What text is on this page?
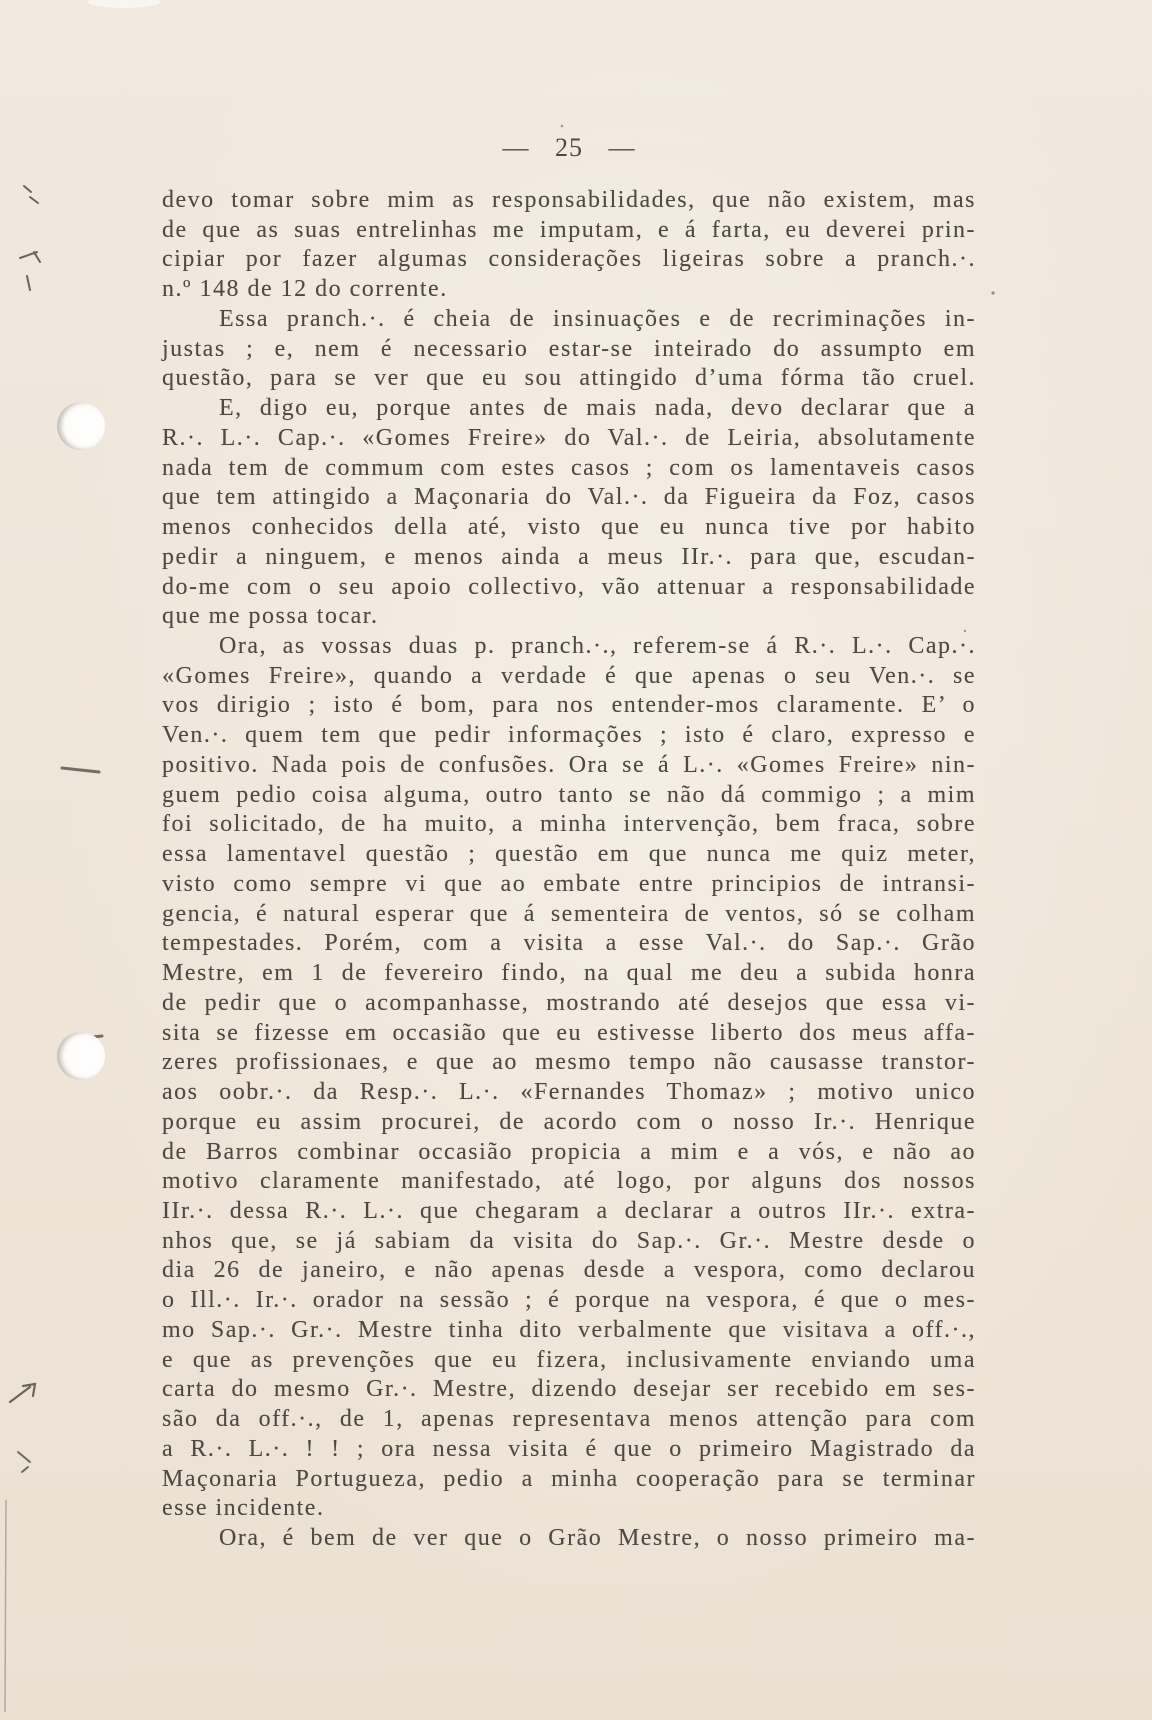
— 25 —
devo tomar sobre mim as responsabilidades, que não existem, mas
de que as suas entrelinhas me imputam, e á farta, eu deverei prin-
cipiar por fazer algumas considerações ligeiras sobre a pranch.·.
n.º 148 de 12 do corrente.
Essa pranch.·. é cheia de insinuações e de recriminações in-
justas ; e, nem é necessario estar-se inteirado do assumpto em
questão, para se ver que eu sou attingido d’uma fórma tão cruel.
E, digo eu, porque antes de mais nada, devo declarar que a
R.·. L.·. Cap.·. «Gomes Freire» do Val.·. de Leiria, absolutamente
nada tem de commum com estes casos ; com os lamentaveis casos
que tem attingido a Maçonaria do Val.·. da Figueira da Foz, casos
menos conhecidos della até, visto que eu nunca tive por habito
pedir a ninguem, e menos ainda a meus IIr.·. para que, escudan-
do-me com o seu apoio collectivo, vão attenuar a responsabilidade
que me possa tocar.
Ora, as vossas duas p. pranch.·., referem-se á R.·. L.·. Cap.·.
«Gomes Freire», quando a verdade é que apenas o seu Ven.·. se
vos dirigio ; isto é bom, para nos entender-mos claramente. E’ o
Ven.·. quem tem que pedir informações ; isto é claro, expresso e
positivo. Nada pois de confusões. Ora se á L.·. «Gomes Freire» nin-
guem pedio coisa alguma, outro tanto se não dá commigo ; a mim
foi solicitado, de ha muito, a minha intervenção, bem fraca, sobre
essa lamentavel questão ; questão em que nunca me quiz meter,
visto como sempre vi que ao embate entre principios de intransi-
gencia, é natural esperar que á sementeira de ventos, só se colham
tempestades. Porém, com a visita a esse Val.·. do Sap.·. Grão
Mestre, em 1 de fevereiro findo, na qual me deu a subida honra
de pedir que o acompanhasse, mostrando até desejos que essa vi-
sita se fizesse em occasião que eu estivesse liberto dos meus affa-
zeres profissionaes, e que ao mesmo tempo não causasse transtor-
aos oobr.·. da Resp.·. L.·. «Fernandes Thomaz» ; motivo unico
porque eu assim procurei, de acordo com o nosso Ir.·. Henrique
de Barros combinar occasião propicia a mim e a vós, e não ao
motivo claramente manifestado, até logo, por alguns dos nossos
IIr.·. dessa R.·. L.·. que chegaram a declarar a outros IIr.·. extra-
nhos que, se já sabiam da visita do Sap.·. Gr.·. Mestre desde o
dia 26 de janeiro, e não apenas desde a vespora, como declarou
o Ill.·. Ir.·. orador na sessão ; é porque na vespora, é que o mes-
mo Sap.·. Gr.·. Mestre tinha dito verbalmente que visitava a off.·.,
e que as prevenções que eu fizera, inclusivamente enviando uma
carta do mesmo Gr.·. Mestre, dizendo desejar ser recebido em ses-
são da off.·., de 1, apenas representava menos attenção para com
a R.·. L.·. ! ! ; ora nessa visita é que o primeiro Magistrado da
Maçonaria Portugueza, pedio a minha cooperação para se terminar
esse incidente.
Ora, é bem de ver que o Grão Mestre, o nosso primeiro ma-
